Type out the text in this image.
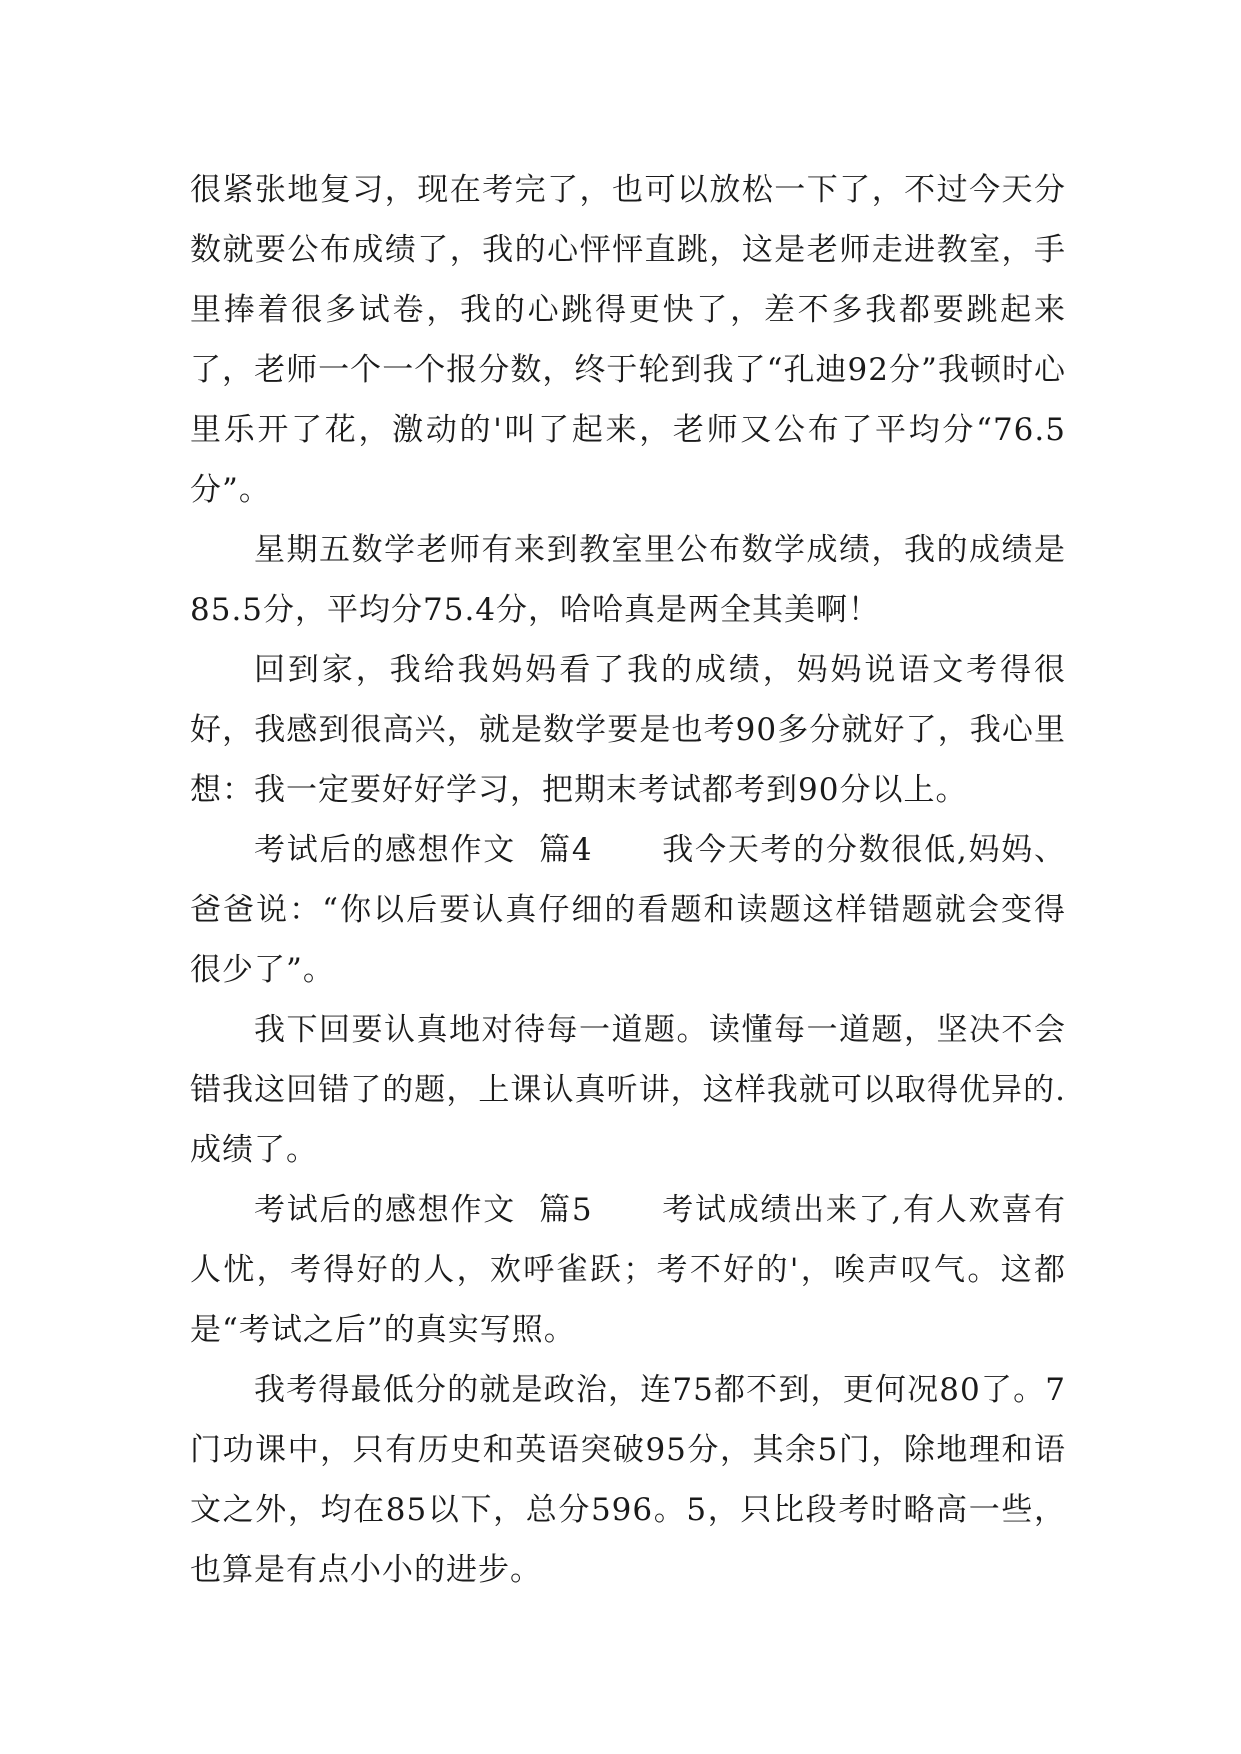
很紧张地复习，现在考完了，也可以放松一下了，不过今天分数就要公布成绩了，我的心怦怦直跳，这是老师走进教室，手里捧着很多试卷，我的心跳得更快了，差不多我都要跳起来了，老师一个一个报分数，终于轮到我了“孔迪92分”我顿时心里乐开了花，激动的'叫了起来，老师又公布了平均分“76.5分”。

星期五数学老师有来到教室里公布数学成绩，我的成绩是85.5分，平均分75.4分，哈哈真是两全其美啊！

回到家，我给我妈妈看了我的成绩，妈妈说语文考得很好，我感到很高兴，就是数学要是也考90多分就好了，我心里想：我一定要好好学习，把期末考试都考到90分以上。

考试后的感想作文  篇4      我今天考的分数很低,妈妈、爸爸说：“你以后要认真仔细的看题和读题这样错题就会变得很少了”。

我下回要认真地对待每一道题。读懂每一道题，坚决不会错我这回错了的题，上课认真听讲，这样我就可以取得优异的.成绩了。

考试后的感想作文  篇5      考试成绩出来了,有人欢喜有人忧，考得好的人，欢呼雀跃；考不好的'，唉声叹气。这都是“考试之后”的真实写照。

我考得最低分的就是政治，连75都不到，更何况80了。7门功课中，只有历史和英语突破95分，其余5门，除地理和语文之外，均在85以下，总分596。5，只比段考时略高一些，也算是有点小小的进步。
